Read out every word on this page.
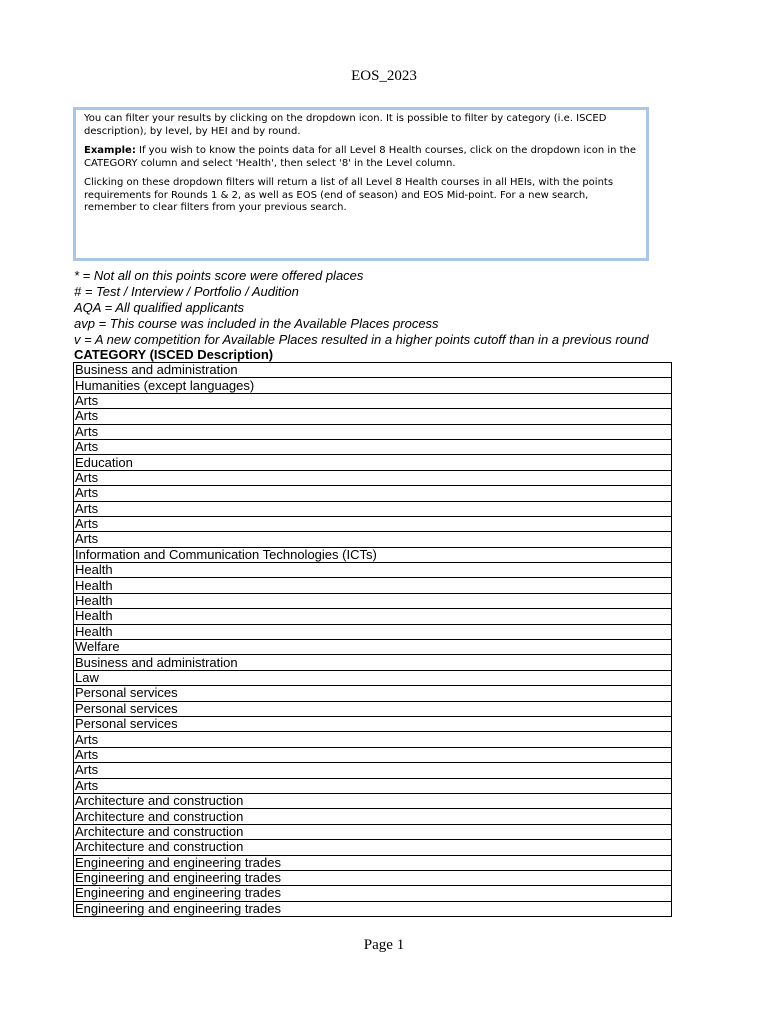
EOS_2023

You can filter your results by clicking on the dropdown icon. It is possible to filter by category (i.e. ISCED description), by level, by HEI and by round.

Example: If you wish to know the points data for all Level 8 Health courses, click on the dropdown icon in the CATEGORY column and select 'Health', then select '8' in the Level column.

Clicking on these dropdown filters will return a list of all Level 8 Health courses in all HEIs, with the points requirements for Rounds 1 & 2, as well as EOS (end of season) and EOS Mid-point. For a new search, remember to clear filters from your previous search.

* = Not all on this points score were offered places
# = Test / Interview / Portfolio / Audition
AQA = All qualified applicants
avp = This course was included in the Available Places process
v = A new competition for Available Places resulted in a higher points cutoff than in a previous round
CATEGORY (ISCED Description)
Business and administration
Humanities (except languages)
Arts
Arts
Arts
Arts
Education
Arts
Arts
Arts
Arts
Arts
Information and Communication Technologies (ICTs)
Health
Health
Health
Health
Health
Welfare
Business and administration
Law
Personal services
Personal services
Personal services
Arts
Arts
Arts
Arts
Architecture and construction
Architecture and construction
Architecture and construction
Architecture and construction
Engineering and engineering trades
Engineering and engineering trades
Engineering and engineering trades
Engineering and engineering trades
Page 1
